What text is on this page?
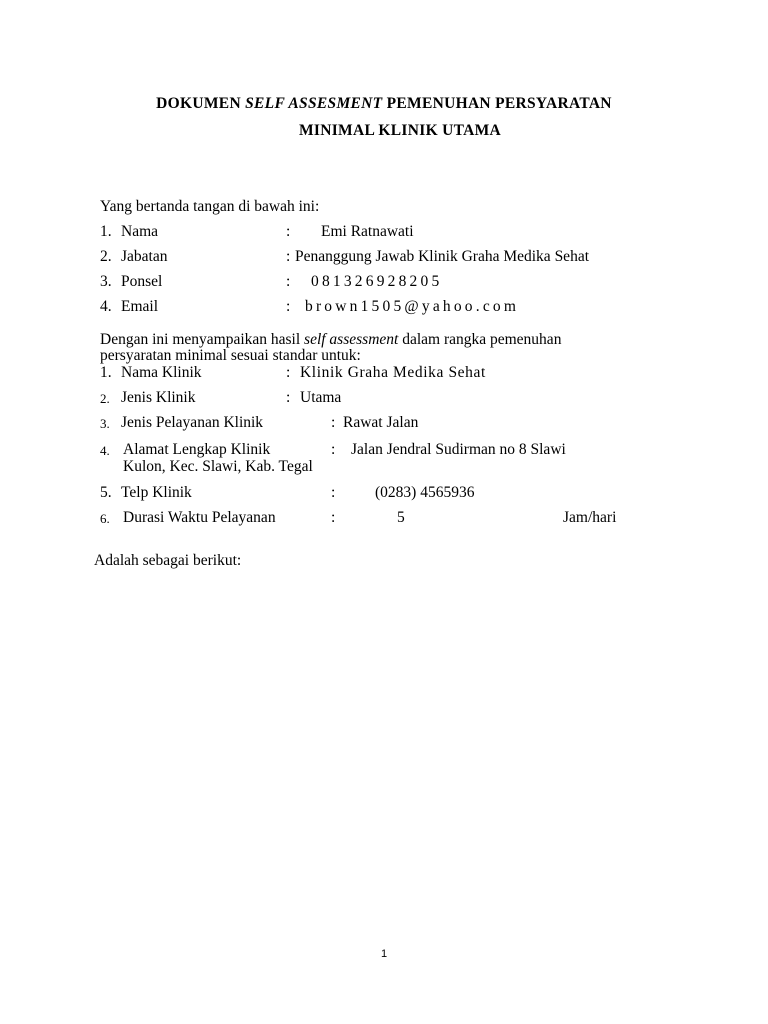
DOKUMEN SELF ASSESMENT PEMENUHAN PERSYARATAN
MINIMAL KLINIK UTAMA
Yang bertanda tangan di bawah ini:
1. Nama	: Emi Ratnawati
2. Jabatan	: Penanggung Jawab Klinik Graha Medika Sehat
3. Ponsel	: 081326928205
4. Email	: brown1505@yahoo.com
Dengan ini menyampaikan hasil self assessment dalam rangka pemenuhan
persyaratan minimal sesuai standar untuk:
1. Nama Klinik	: Klinik Graha Medika Sehat
2. Jenis Klinik	: Utama
3. Jenis Pelayanan Klinik	: Rawat Jalan
4. Alamat Lengkap Klinik	: Jalan Jendral Sudirman no 8 Slawi
Kulon, Kec. Slawi, Kab. Tegal
5. Telp Klinik	:	(0283) 4565936
6. Durasi Waktu Pelayanan	:	5	Jam/hari
Adalah sebagai berikut:
1
